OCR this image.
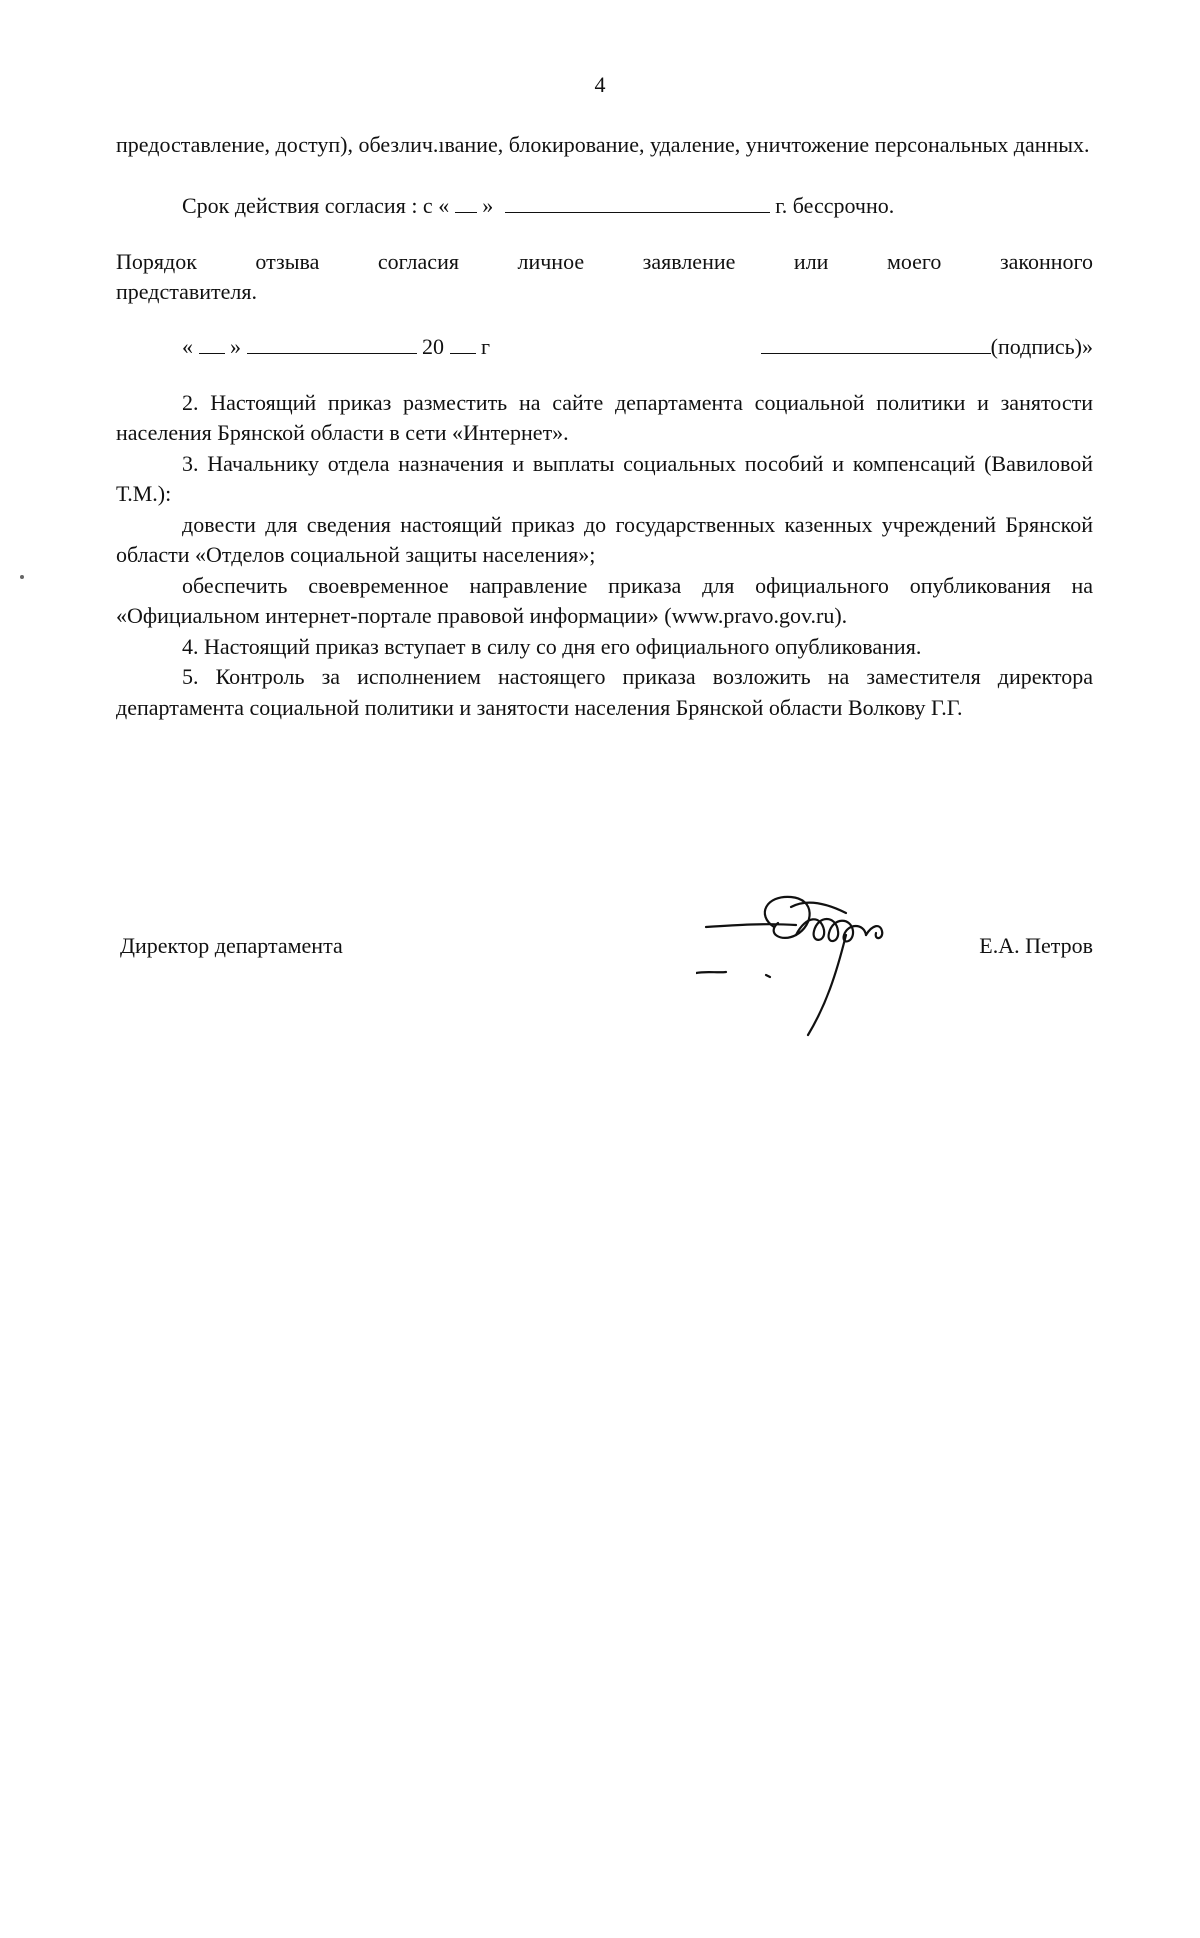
4

предоставление, доступ), обезлич.ıвание, блокирование, удаление, уничтожение персональных данных.

Срок действия согласия : с « »	г. бессрочно.

Порядок отзыва согласия личное заявление или моего законного

представителя.

« »	20 г	(подпись)»

2. Настоящий приказ разместить на сайте департамента социальной политики и занятости населения Брянской области в сети «Интернет».

3. Начальнику отдела назначения и выплаты социальных пособий и компенсаций (Вавиловой Т.М.):

довести для сведения настоящий приказ до государственных казенных учреждений Брянской области «Отделов социальной защиты населения»;

обеспечить своевременное направление приказа для официального опубликования на «Официальном интернет-портале правовой информации» (www.pravo.gov.ru).

4. Настоящий приказ вступает в силу со дня его официального опубликования.

5. Контроль за исполнением настоящего приказа возложить на заместителя директора департамента социальной политики и занятости населения Брянской области Волкову Г.Г.

Директор департамента	Е.А. Петров
